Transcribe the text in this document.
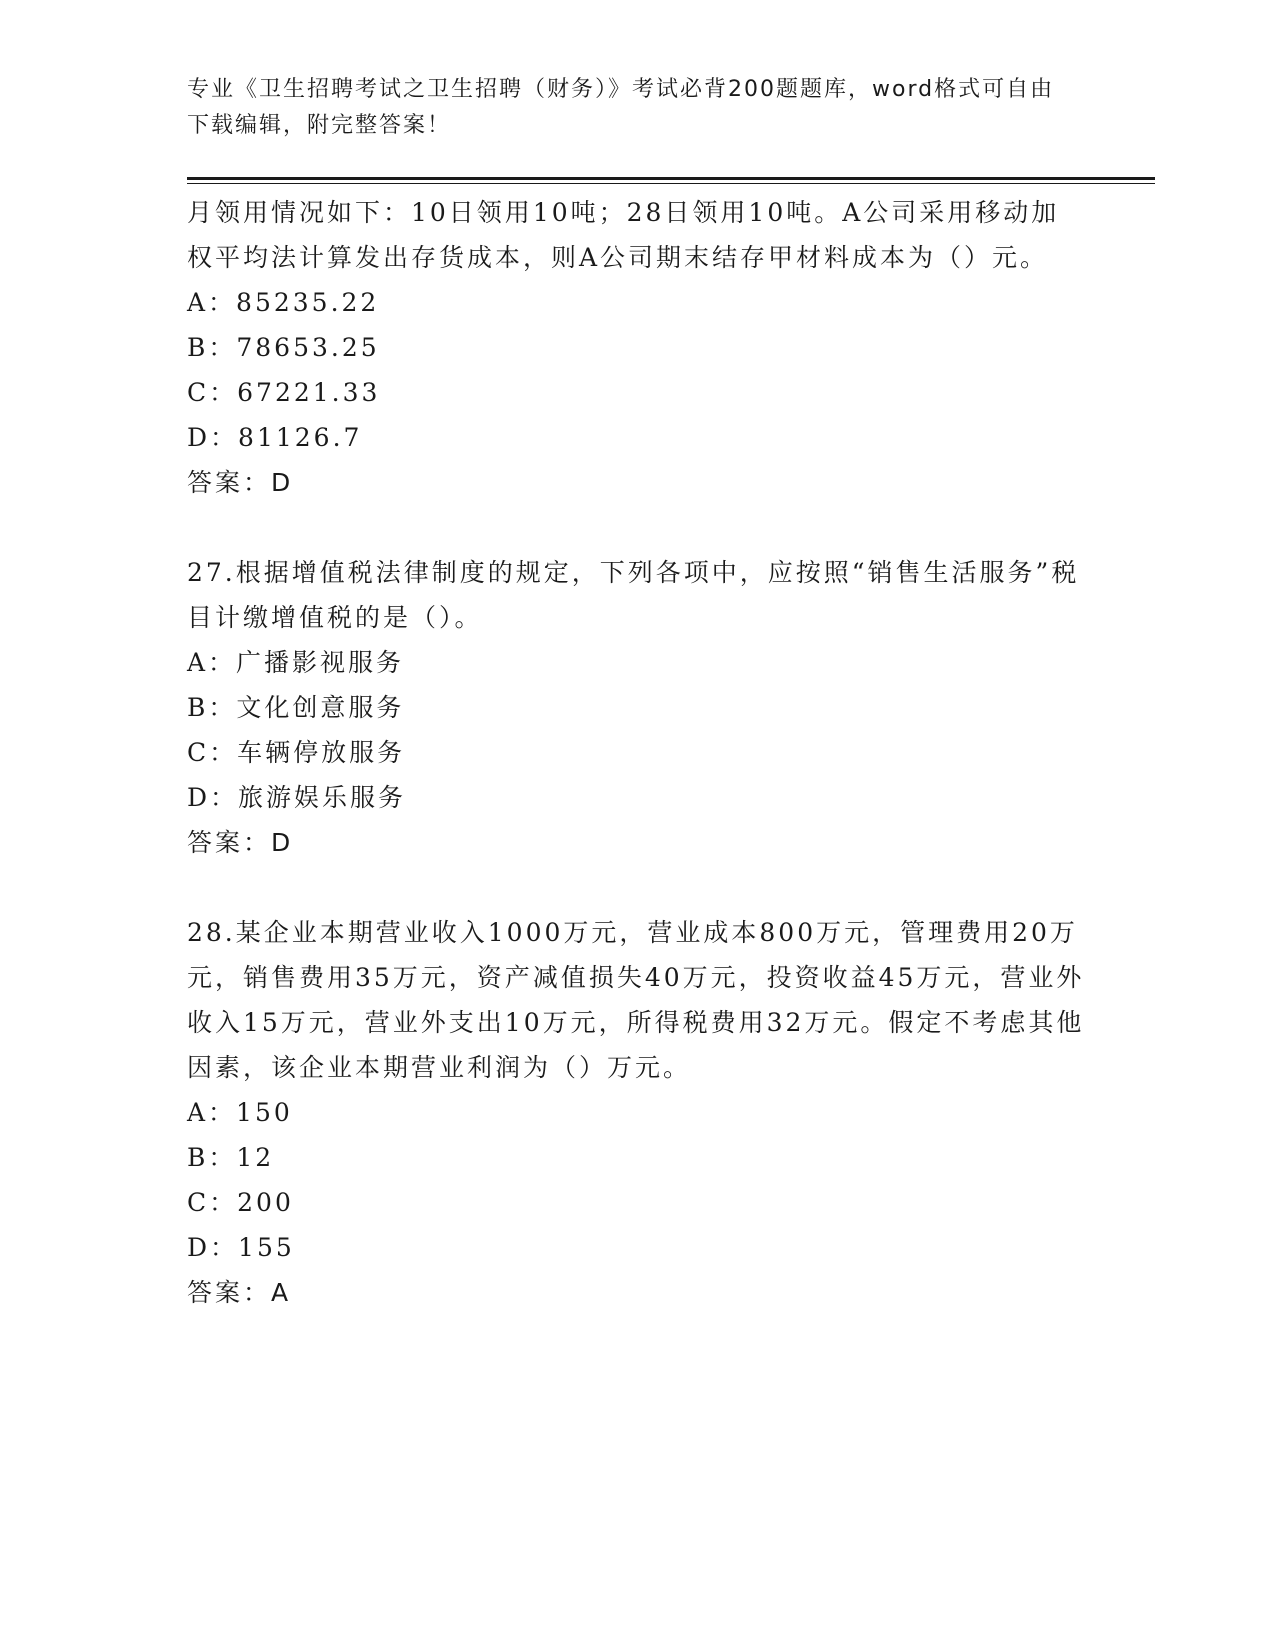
专业《卫生招聘考试之卫生招聘（财务）》考试必背200题题库，word格式可自由下载编辑，附完整答案！

月领用情况如下：10日领用10吨；28日领用10吨。A公司采用移动加权平均法计算发出存货成本，则A公司期末结存甲材料成本为（）元。

A：85235.22

B：78653.25

C：67221.33

D：81126.7

答案：D

27.根据增值税法律制度的规定，下列各项中，应按照“销售生活服务”税目计缴增值税的是（）。

A：广播影视服务

B：文化创意服务

C：车辆停放服务

D：旅游娱乐服务

答案：D

28.某企业本期营业收入1000万元，营业成本800万元，管理费用20万元，销售费用35万元，资产减值损失40万元，投资收益45万元，营业外收入15万元，营业外支出10万元，所得税费用32万元。假定不考虑其他因素，该企业本期营业利润为（）万元。

A：150

B：12

C：200

D：155

答案：A
